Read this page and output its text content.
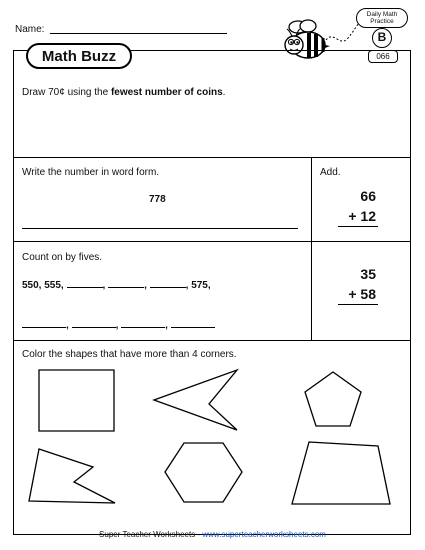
Name:
Daily Math
Practice
B
066
Math Buzz
Draw 70¢ using the fewest number of coins.
Write the number in word form.
778
Count on by fives.
550, 555,	,	,	, 575,
,	,	,
Add.
66
+ 12
35
+ 58
Color the shapes that have more than 4 corners.
Super Teacher Worksheets - www.superteacherworksheets.com
